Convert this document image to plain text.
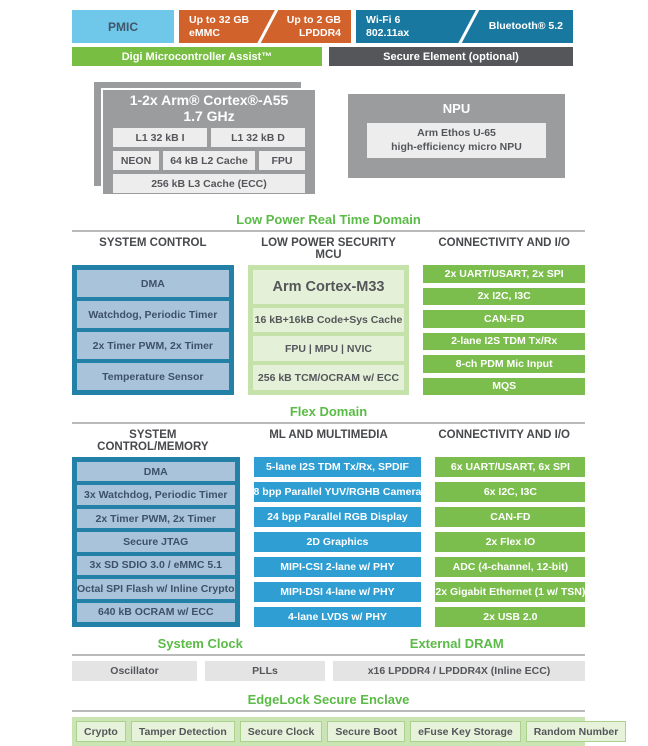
PMIC	Up to 32 GB
eMMC
Up to 2 GB
LPDDR4
Wi-Fi 6
802.11ax
Bluetooth® 5.2
Digi Microcontroller Assist™	Secure Element (optional)
1-2x Arm® Cortex®-A55
1.7 GHz
L1 32 kB I	L1 32 kB D
NEON	64 kB L2 Cache	FPU
256 kB L3 Cache (ECC)
NPU
Arm Ethos U-65
high-efficiency micro NPU
Low Power Real Time Domain
SYSTEM CONTROL	LOW POWER SECURITY MCU
CONNECTIVITY AND I/O
DMA
Watchdog, Periodic Timer
2x Timer PWM, 2x Timer
Temperature Sensor
Arm Cortex-M33
16 kB+16kB Code+Sys Cache
FPU | MPU | NVIC
256 kB TCM/OCRAM w/ ECC
2x UART/USART, 2x SPI
2x I2C, I3C
CAN-FD
2-lane I2S TDM Tx/Rx
8-ch PDM Mic Input
MQS
Flex Domain
SYSTEM CONTROL/MEMORY
ML AND MULTIMEDIA	CONNECTIVITY AND I/O
DMA
3x Watchdog, Periodic Timer
2x Timer PWM, 2x Timer
Secure JTAG
3x SD SDIO 3.0 / eMMC 5.1
Octal SPI Flash w/ Inline Crypto
640 kB OCRAM w/ ECC
5-lane I2S TDM Tx/Rx, SPDIF
8 bpp Parallel YUV/RGHB Camera
24 bpp Parallel RGB Display
2D Graphics
MIPI-CSI 2-lane w/ PHY
MIPI-DSI 4-lane w/ PHY
4-lane LVDS w/ PHY
6x UART/USART, 6x SPI
6x I2C, I3C
CAN-FD
2x Flex IO
ADC (4-channel, 12-bit)
2x Gigabit Ethernet (1 w/ TSN)
2x USB 2.0
System Clock	External DRAM
Oscillator	PLLs	x16 LPDDR4 / LPDDR4X (Inline ECC)
EdgeLock Secure Enclave
Crypto	Tamper Detection	Secure Clock	Secure Boot	eFuse Key Storage	Random Number
